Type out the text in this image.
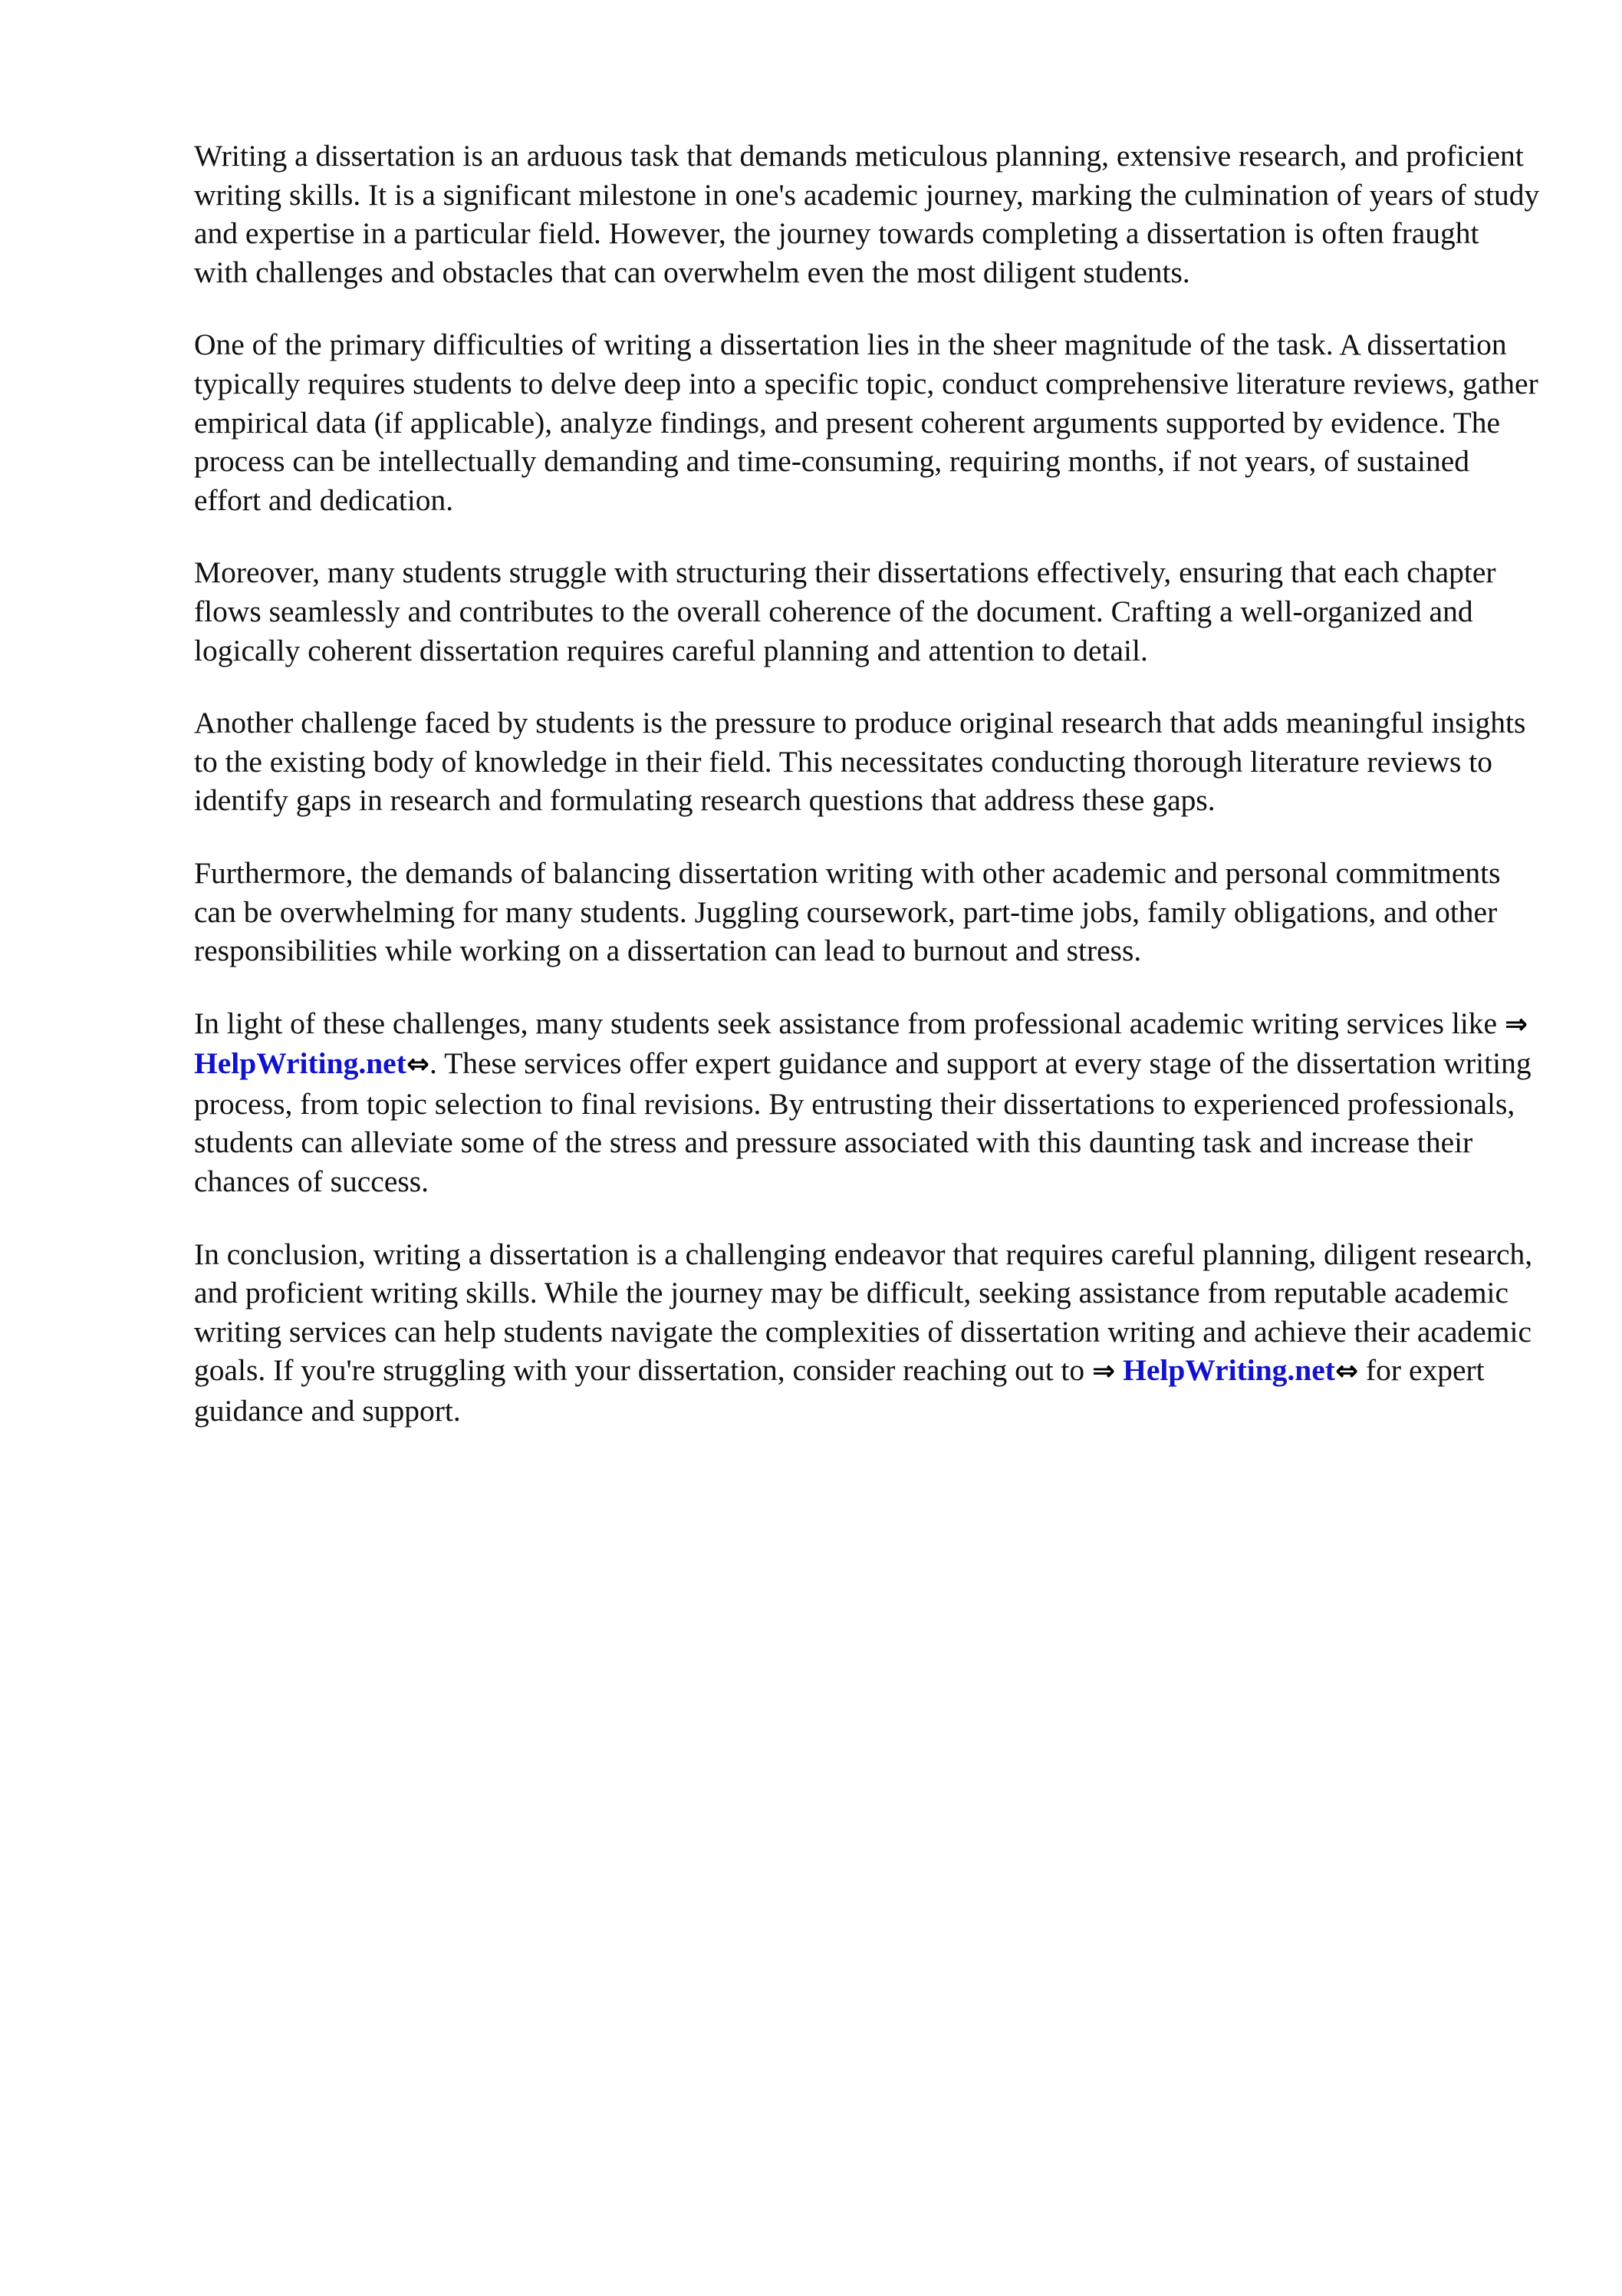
Writing a dissertation is an arduous task that demands meticulous planning, extensive research, and proficient writing skills. It is a significant milestone in one's academic journey, marking the culmination of years of study and expertise in a particular field. However, the journey towards completing a dissertation is often fraught with challenges and obstacles that can overwhelm even the most diligent students.

One of the primary difficulties of writing a dissertation lies in the sheer magnitude of the task. A dissertation typically requires students to delve deep into a specific topic, conduct comprehensive literature reviews, gather empirical data (if applicable), analyze findings, and present coherent arguments supported by evidence. The process can be intellectually demanding and time-consuming, requiring months, if not years, of sustained effort and dedication.

Moreover, many students struggle with structuring their dissertations effectively, ensuring that each chapter flows seamlessly and contributes to the overall coherence of the document. Crafting a well-organized and logically coherent dissertation requires careful planning and attention to detail.

Another challenge faced by students is the pressure to produce original research that adds meaningful insights to the existing body of knowledge in their field. This necessitates conducting thorough literature reviews to identify gaps in research and formulating research questions that address these gaps.

Furthermore, the demands of balancing dissertation writing with other academic and personal commitments can be overwhelming for many students. Juggling coursework, part-time jobs, family obligations, and other responsibilities while working on a dissertation can lead to burnout and stress.

In light of these challenges, many students seek assistance from professional academic writing services like ⇒ HelpWriting.net⇔. These services offer expert guidance and support at every stage of the dissertation writing process, from topic selection to final revisions. By entrusting their dissertations to experienced professionals, students can alleviate some of the stress and pressure associated with this daunting task and increase their chances of success.

In conclusion, writing a dissertation is a challenging endeavor that requires careful planning, diligent research, and proficient writing skills. While the journey may be difficult, seeking assistance from reputable academic writing services can help students navigate the complexities of dissertation writing and achieve their academic goals. If you're struggling with your dissertation, consider reaching out to ⇒ HelpWriting.net⇔ for expert guidance and support.
